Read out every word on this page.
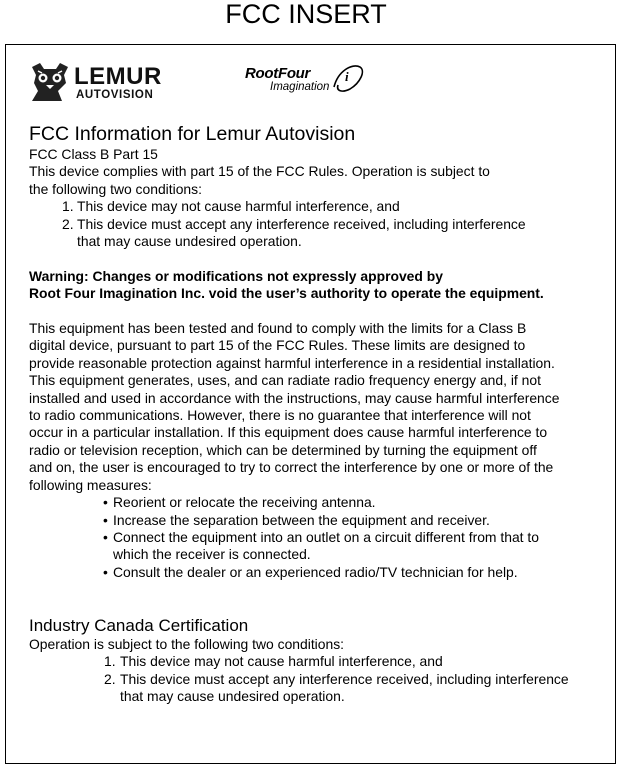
FCC INSERT
LEMUR
AUTOVISION
RootFour
Imagination
i

FCC Information for Lemur Autovision

FCC Class B Part 15

This device complies with part 15 of the FCC Rules. Operation is subject to

the following two conditions:

1. This device may not cause harmful interference, and
2. This device must accept any interference received, including interference
that may cause undesired operation.

Warning: Changes or modifications not expressly approved by

Root Four Imagination Inc. void the user’s authority to operate the equipment.

This equipment has been tested and found to comply with the limits for a Class B

digital device, pursuant to part 15 of the FCC Rules. These limits are designed to

provide reasonable protection against harmful interference in a residential installation.

This equipment generates, uses, and can radiate radio frequency energy and, if not

installed and used in accordance with the instructions, may cause harmful interference

to radio communications. However, there is no guarantee that interference will not

occur in a particular installation. If this equipment does cause harmful interference to

radio or television reception, which can be determined by turning the equipment off

and on, the user is encouraged to try to correct the interference by one or more of the

following measures:

• Reorient or relocate the receiving antenna.
• Increase the separation between the equipment and receiver.
• Connect the equipment into an outlet on a circuit different from that to
which the receiver is connected.
• Consult the dealer or an experienced radio/TV technician for help.

Industry Canada Certification

Operation is subject to the following two conditions:

1. This device may not cause harmful interference, and
2. This device must accept any interference received, including interference
that may cause undesired operation.
